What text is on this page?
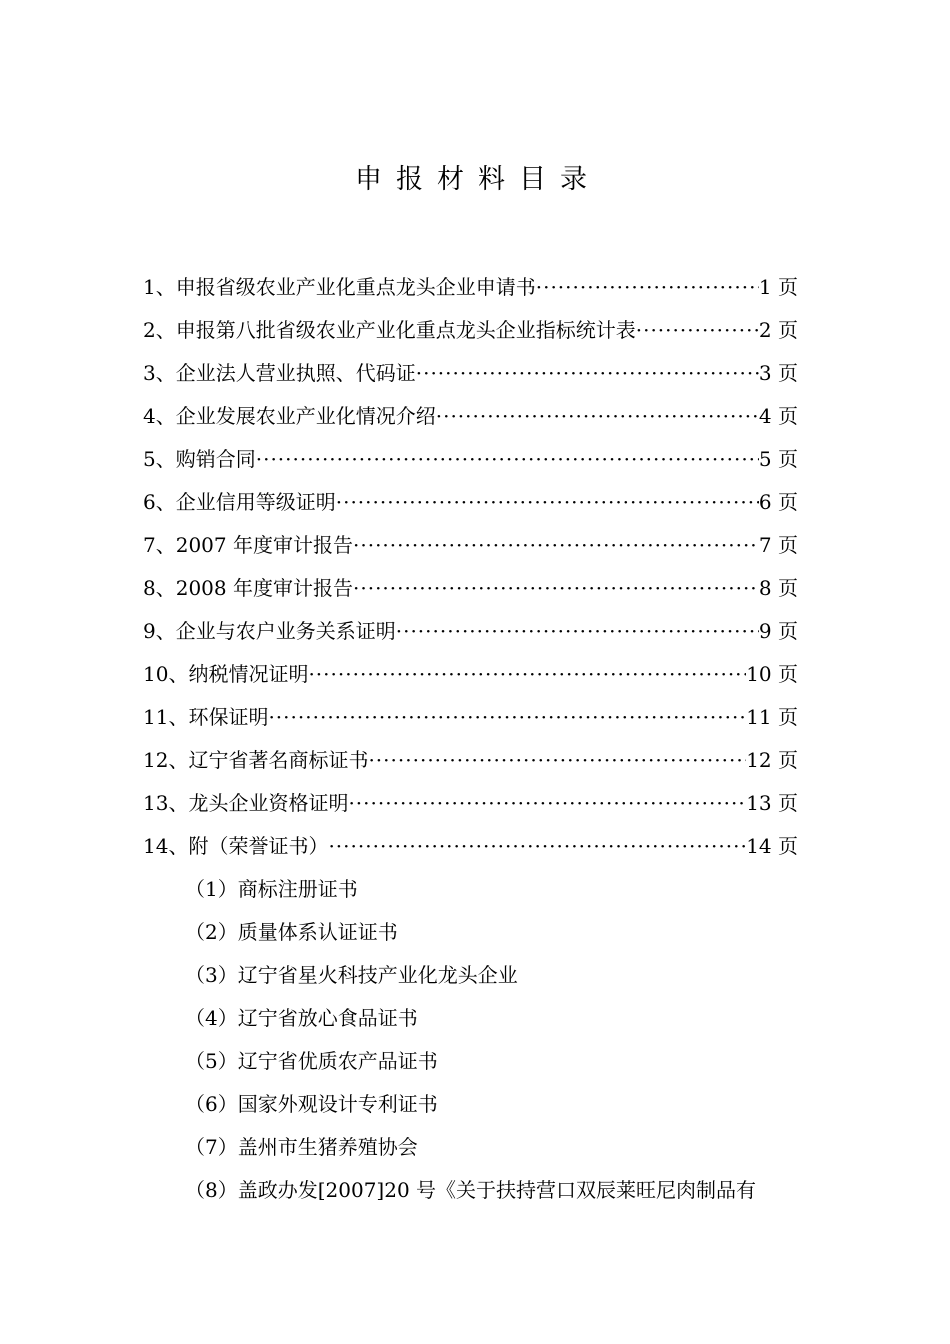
申报材料目录
1、 申报省级农业产业化重点龙头企业申请书 ·····	1 页
2、 申报第八批省级农业产业化重点龙头企业指标统计表 ·····	2 页
3、 企业法人营业执照、代码证 ·····	3 页
4、 企业发展农业产业化情况介绍 ·····	4 页
5、 购销合同 ·····	5 页
6、 企业信用等级证明 ·····	6 页
7、 2007 年度审计报告 ·····	7 页
8、 2008 年度审计报告 ·····	8 页
9、 企业与农户业务关系证明 ·····	9 页
10、 纳税情况证明 ·····	10 页
11、 环保证明 ·····	11 页
12、 辽宁省著名商标证书 ·····	12 页
13、 龙头企业资格证明 ·····	13 页
14、 附（荣誉证书） ·····	14 页
（1）商标注册证书
（2）质量体系认证证书
（3）辽宁省星火科技产业化龙头企业
（4）辽宁省放心食品证书
（5）辽宁省优质农产品证书
（6）国家外观设计专利证书
（7）盖州市生猪养殖协会
（8）盖政办发[2007]20 号《关于扶持营口双辰莱旺尼肉制品有
